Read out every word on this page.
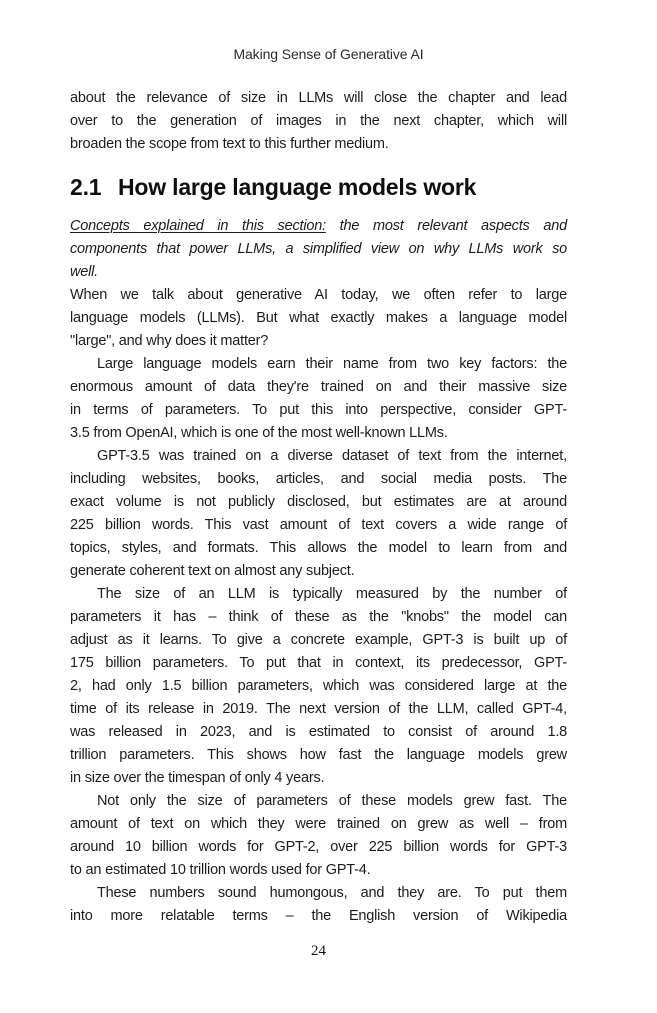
Making Sense of Generative AI
about the relevance of size in LLMs will close the chapter and lead
over to the generation of images in the next chapter, which will
broaden the scope from text to this further medium.
2.1 How large language models work
Concepts explained in this section: the most relevant aspects and
components that power LLMs, a simplified view on why LLMs work so
well.
When we talk about generative AI today, we often refer to large
language models (LLMs). But what exactly makes a language model
"large", and why does it matter?
Large language models earn their name from two key factors: the
enormous amount of data they're trained on and their massive size
in terms of parameters. To put this into perspective, consider GPT-
3.5 from OpenAI, which is one of the most well-known LLMs.
GPT-3.5 was trained on a diverse dataset of text from the internet,
including websites, books, articles, and social media posts. The
exact volume is not publicly disclosed, but estimates are at around
225 billion words. This vast amount of text covers a wide range of
topics, styles, and formats. This allows the model to learn from and
generate coherent text on almost any subject.
The size of an LLM is typically measured by the number of
parameters it has – think of these as the "knobs" the model can
adjust as it learns. To give a concrete example, GPT-3 is built up of
175 billion parameters. To put that in context, its predecessor, GPT-
2, had only 1.5 billion parameters, which was considered large at the
time of its release in 2019. The next version of the LLM, called GPT-4,
was released in 2023, and is estimated to consist of around 1.8
trillion parameters. This shows how fast the language models grew
in size over the timespan of only 4 years.
Not only the size of parameters of these models grew fast. The
amount of text on which they were trained on grew as well – from
around 10 billion words for GPT-2, over 225 billion words for GPT-3
to an estimated 10 trillion words used for GPT-4.
These numbers sound humongous, and they are. To put them
into more relatable terms – the English version of Wikipedia
24
